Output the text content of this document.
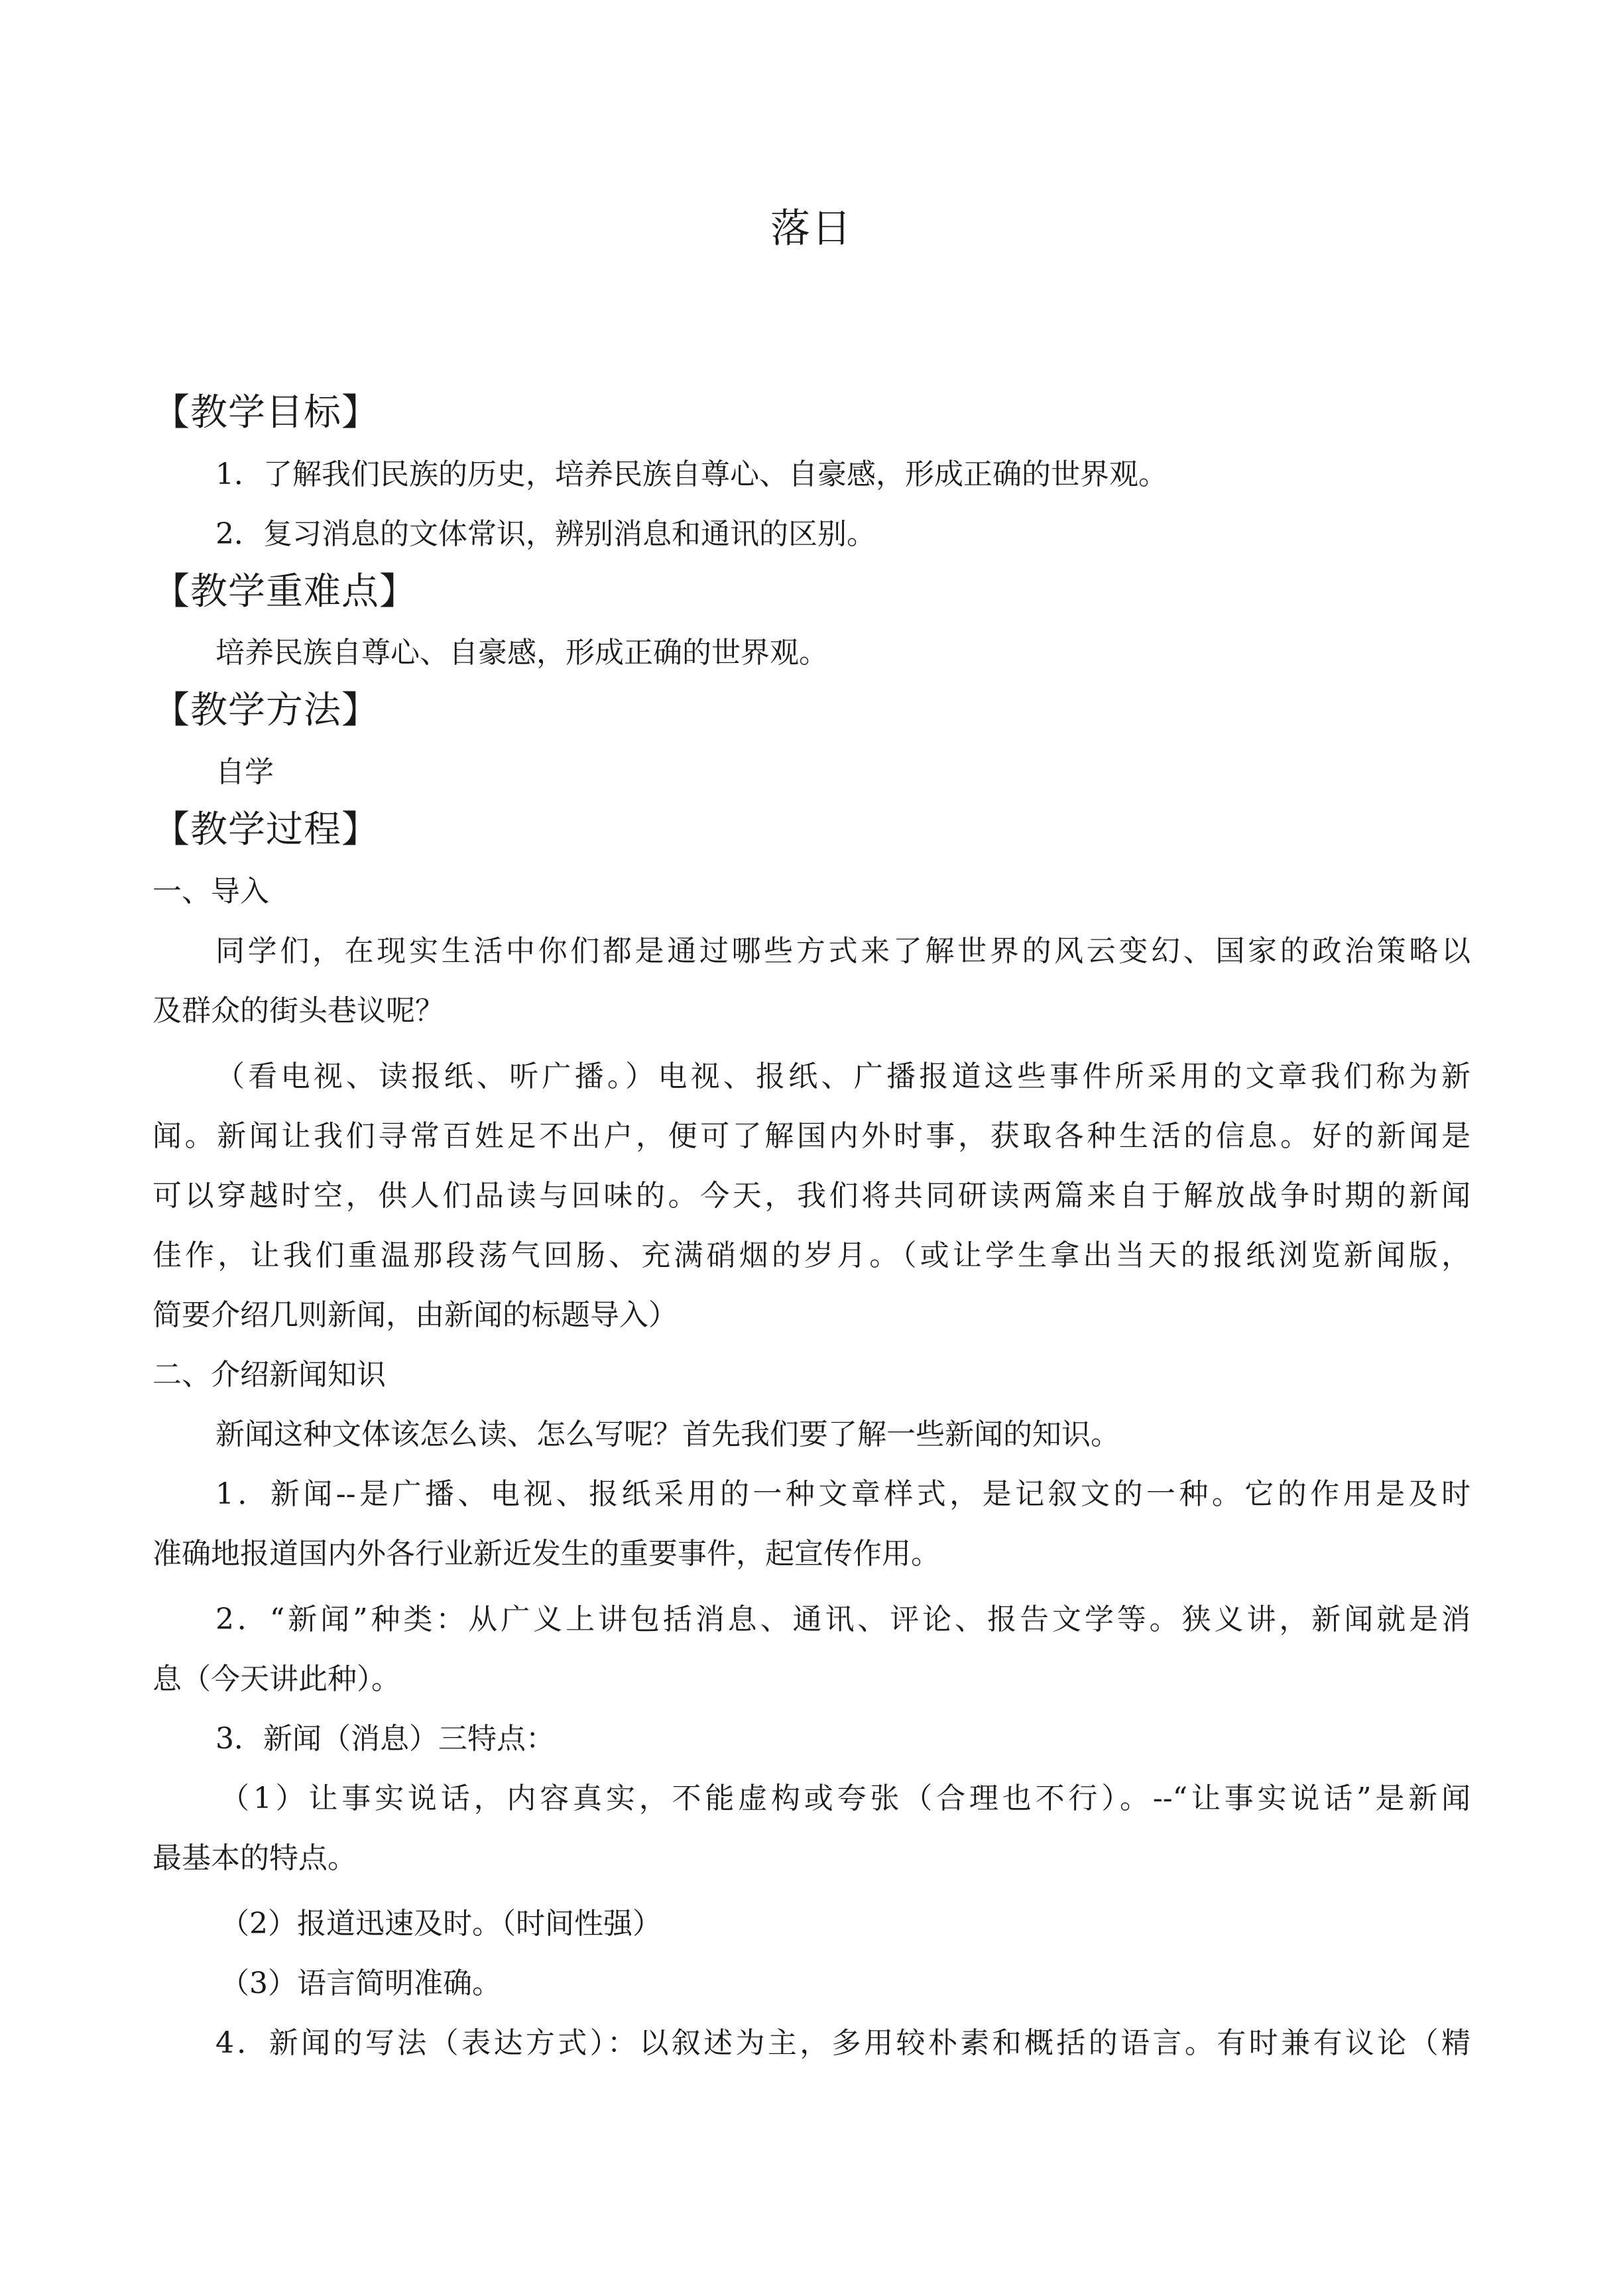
落日
【教学目标】
1．了解我们民族的历史，培养民族自尊心、自豪感，形成正确的世界观。
2．复习消息的文体常识，辨别消息和通讯的区别。
【教学重难点】
培养民族自尊心、自豪感，形成正确的世界观。
【教学方法】
自学
【教学过程】
一、导入
同学们，在现实生活中你们都是通过哪些方式来了解世界的风云变幻、国家的政治策略以
及群众的街头巷议呢？
（看电视、读报纸、听广播。）电视、报纸、广播报道这些事件所采用的文章我们称为新
闻。新闻让我们寻常百姓足不出户，便可了解国内外时事，获取各种生活的信息。好的新闻是
可以穿越时空，供人们品读与回味的。今天，我们将共同研读两篇来自于解放战争时期的新闻
佳作，让我们重温那段荡气回肠、充满硝烟的岁月。（或让学生拿出当天的报纸浏览新闻版，
简要介绍几则新闻，由新闻的标题导入）
二、介绍新闻知识
新闻这种文体该怎么读、怎么写呢？首先我们要了解一些新闻的知识。
1．新闻--是广播、电视、报纸采用的一种文章样式，是记叙文的一种。它的作用是及时
准确地报道国内外各行业新近发生的重要事件，起宣传作用。
2．“新闻”种类：从广义上讲包括消息、通讯、评论、报告文学等。狭义讲，新闻就是消
息（今天讲此种）。
3．新闻（消息）三特点：
（1）让事实说话，内容真实，不能虚构或夸张（合理也不行）。--“让事实说话”是新闻
最基本的特点。
（2）报道迅速及时。（时间性强）
（3）语言简明准确。
4．新闻的写法（表达方式）：以叙述为主，多用较朴素和概括的语言。有时兼有议论（精
